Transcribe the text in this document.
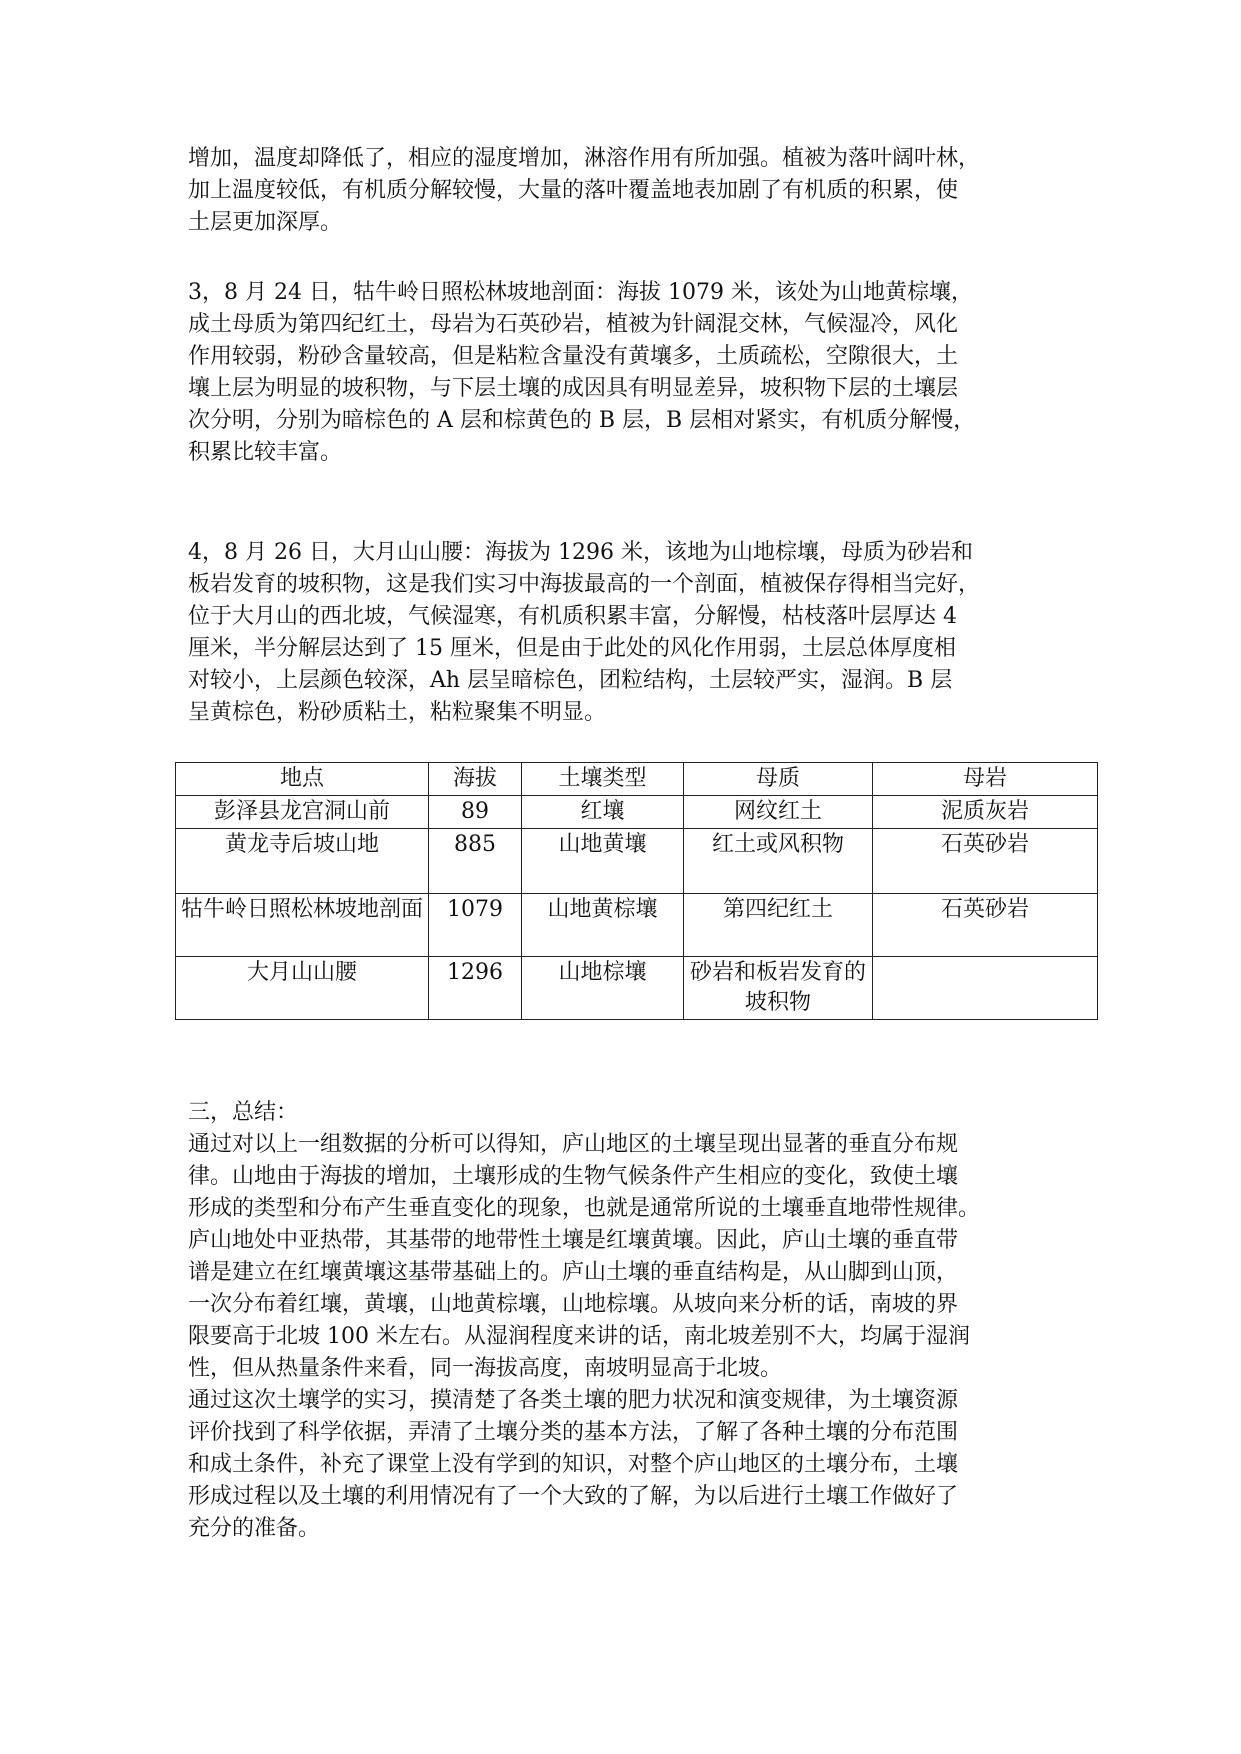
增加，温度却降低了，相应的湿度增加，淋溶作用有所加强。植被为落叶阔叶林，
加上温度较低，有机质分解较慢，大量的落叶覆盖地表加剧了有机质的积累，使
土层更加深厚。
3，8 月 24 日，牯牛岭日照松林坡地剖面：海拔 1079 米，该处为山地黄棕壤，
成土母质为第四纪红土，母岩为石英砂岩，植被为针阔混交林，气候湿冷，风化
作用较弱，粉砂含量较高，但是粘粒含量没有黄壤多，土质疏松，空隙很大，土
壤上层为明显的坡积物，与下层土壤的成因具有明显差异，坡积物下层的土壤层
次分明，分别为暗棕色的 A 层和棕黄色的 B 层，B 层相对紧实，有机质分解慢，
积累比较丰富。
4，8 月 26 日，大月山山腰：海拔为 1296 米，该地为山地棕壤，母质为砂岩和
板岩发育的坡积物，这是我们实习中海拔最高的一个剖面，植被保存得相当完好，
位于大月山的西北坡，气候湿寒，有机质积累丰富，分解慢，枯枝落叶层厚达 4
厘米，半分解层达到了 15 厘米，但是由于此处的风化作用弱，土层总体厚度相
对较小，上层颜色较深，Ah 层呈暗棕色，团粒结构，土层较严实，湿润。B 层
呈黄棕色，粉砂质粘土，粘粒聚集不明显。
地点	海拔	土壤类型	母质	母岩
彭泽县龙宫洞山前	89	红壤	网纹红土	泥质灰岩
黄龙寺后坡山地	885	山地黄壤	红土或风积物	石英砂岩
牯牛岭日照松林坡地剖面	1079	山地黄棕壤	第四纪红土	石英砂岩
大月山山腰	1296	山地棕壤	砂岩和板岩发育的坡积物	
三，总结：
通过对以上一组数据的分析可以得知，庐山地区的土壤呈现出显著的垂直分布规
律。山地由于海拔的增加，土壤形成的生物气候条件产生相应的变化，致使土壤
形成的类型和分布产生垂直变化的现象，也就是通常所说的土壤垂直地带性规律。
庐山地处中亚热带，其基带的地带性土壤是红壤黄壤。因此，庐山土壤的垂直带
谱是建立在红壤黄壤这基带基础上的。庐山土壤的垂直结构是，从山脚到山顶，
一次分布着红壤，黄壤，山地黄棕壤，山地棕壤。从坡向来分析的话，南坡的界
限要高于北坡 100 米左右。从湿润程度来讲的话，南北坡差别不大，均属于湿润
性，但从热量条件来看，同一海拔高度，南坡明显高于北坡。
通过这次土壤学的实习，摸清楚了各类土壤的肥力状况和演变规律，为土壤资源
评价找到了科学依据，弄清了土壤分类的基本方法，了解了各种土壤的分布范围
和成土条件，补充了课堂上没有学到的知识，对整个庐山地区的土壤分布，土壤
形成过程以及土壤的利用情况有了一个大致的了解，为以后进行土壤工作做好了
充分的准备。
